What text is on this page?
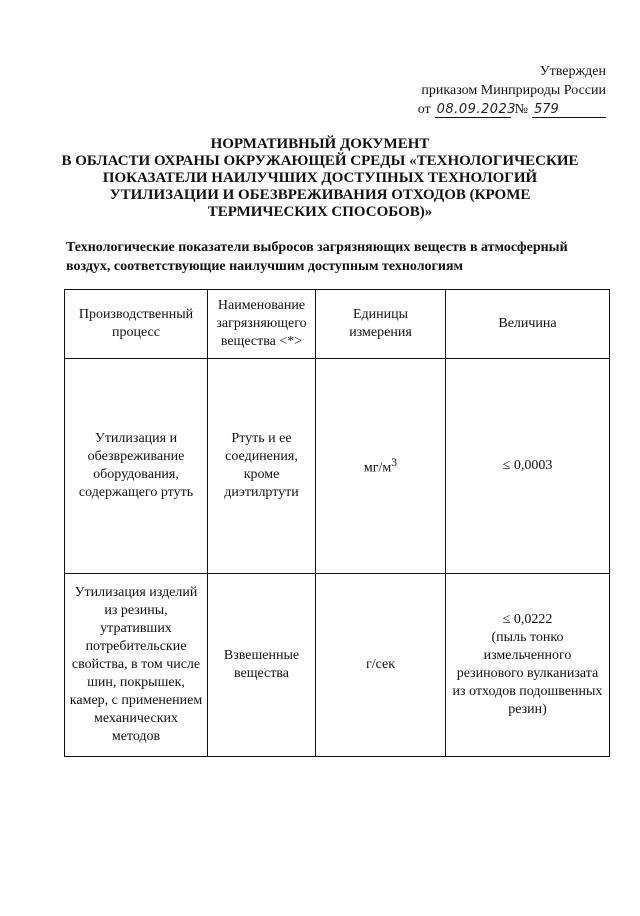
Утвержден
приказом Минприроды России
от 08.09.2023
№ 579
НОРМАТИВНЫЙ ДОКУМЕНТ
В ОБЛАСТИ ОХРАНЫ ОКРУЖАЮЩЕЙ СРЕДЫ «ТЕХНОЛОГИЧЕСКИЕ
ПОКАЗАТЕЛИ НАИЛУЧШИХ ДОСТУПНЫХ ТЕХНОЛОГИЙ
УТИЛИЗАЦИИ И ОБЕЗВРЕЖИВАНИЯ ОТХОДОВ (КРОМЕ
ТЕРМИЧЕСКИХ СПОСОБОВ)»
Технологические показатели выбросов загрязняющих веществ в атмосферный воздух, соответствующие наилучшим доступным технологиям
Производственный процесс	Наименование загрязняющего вещества <*>	Единицы измерения	Величина
Утилизация и обезвреживание оборудования, содержащего ртуть	Ртуть и ее соединения, кроме диэтилртути	$мг/м^3$	≤ 0,0003
Утилизация изделий из резины, утративших потребительские свойства, в том числе шин, покрышек, камер, с применением механических методов	Взвешенные вещества	г/сек	≤ 0,0222
(пыль тонко измельченного резинового вулканизата из отходов подошвенных резин)
